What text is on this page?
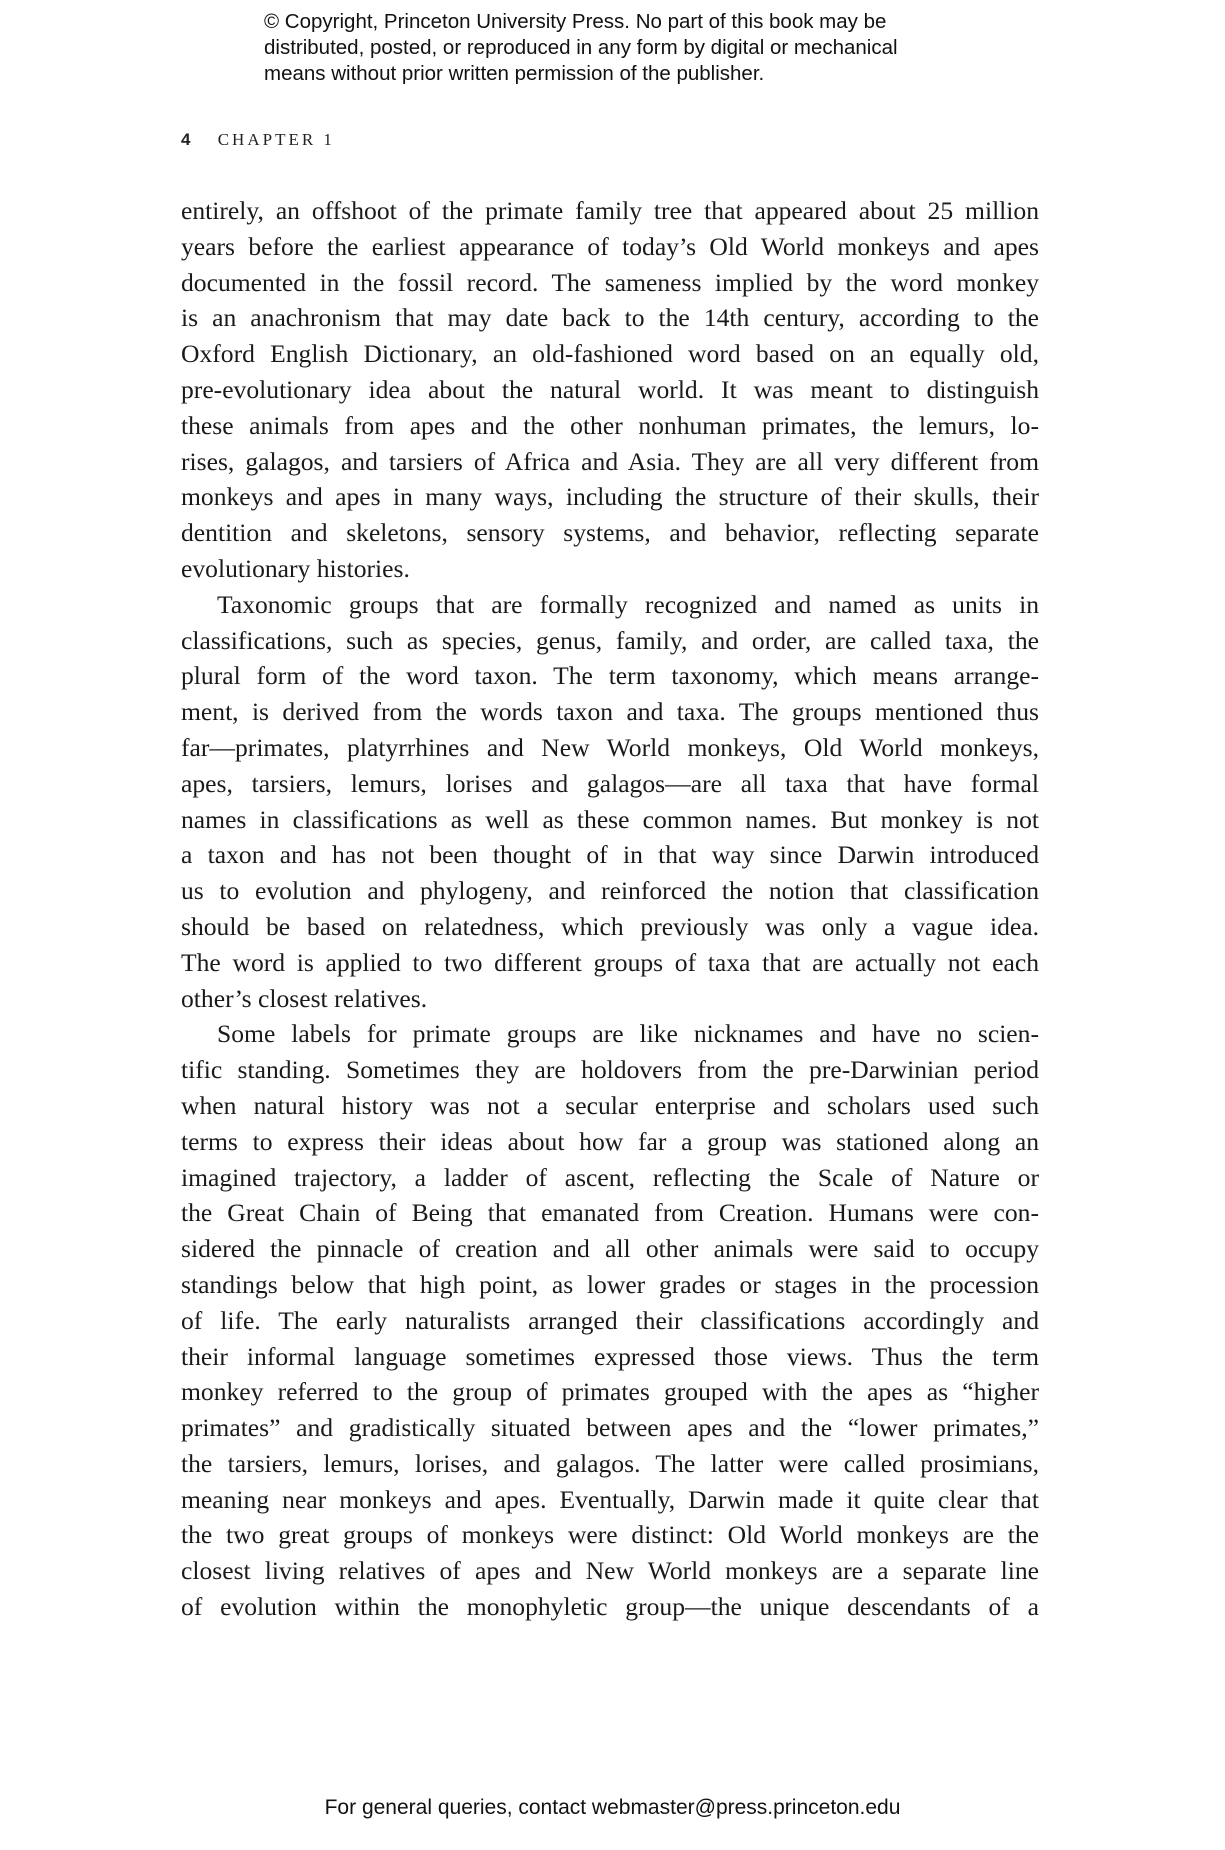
© Copyright, Princeton University Press. No part of this book may be
distributed, posted, or reproduced in any form by digital or mechanical
means without prior written permission of the publisher.
4 CHAPTER 1
entirely, an offshoot of the primate family tree that appeared about 25 million
years before the earliest appearance of today’s Old World monkeys and apes
documented in the fossil record. The sameness implied by the word monkey
is an anachronism that may date back to the 14th century, according to the
Oxford English Dictionary, an old-fashioned word based on an equally old,
pre-evolutionary idea about the natural world. It was meant to distinguish
these animals from apes and the other nonhuman primates, the lemurs, lo-
rises, galagos, and tarsiers of Africa and Asia. They are all very different from
monkeys and apes in many ways, including the structure of their skulls, their
dentition and skeletons, sensory systems, and behavior, reflecting separate
evolutionary histories.
Taxonomic groups that are formally recognized and named as units in
classifications, such as species, genus, family, and order, are called taxa, the
plural form of the word taxon. The term taxonomy, which means arrange-
ment, is derived from the words taxon and taxa. The groups mentioned thus
far—primates, platyrrhines and New World monkeys, Old World monkeys,
apes, tarsiers, lemurs, lorises and galagos—are all taxa that have formal
names in classifications as well as these common names. But monkey is not
a taxon and has not been thought of in that way since Darwin introduced
us to evolution and phylogeny, and reinforced the notion that classification
should be based on relatedness, which previously was only a vague idea.
The word is applied to two different groups of taxa that are actually not each
other’s closest relatives.
Some labels for primate groups are like nicknames and have no scien-
tific standing. Sometimes they are holdovers from the pre-Darwinian period
when natural history was not a secular enterprise and scholars used such
terms to express their ideas about how far a group was stationed along an
imagined trajectory, a ladder of ascent, reflecting the Scale of Nature or
the Great Chain of Being that emanated from Creation. Humans were con-
sidered the pinnacle of creation and all other animals were said to occupy
standings below that high point, as lower grades or stages in the procession
of life. The early naturalists arranged their classifications accordingly and
their informal language sometimes expressed those views. Thus the term
monkey referred to the group of primates grouped with the apes as “higher
primates” and gradistically situated between apes and the “lower primates,”
the tarsiers, lemurs, lorises, and galagos. The latter were called prosimians,
meaning near monkeys and apes. Eventually, Darwin made it quite clear that
the two great groups of monkeys were distinct: Old World monkeys are the
closest living relatives of apes and New World monkeys are a separate line
of evolution within the monophyletic group—the unique descendants of a
For general queries, contact webmaster@press.princeton.edu
